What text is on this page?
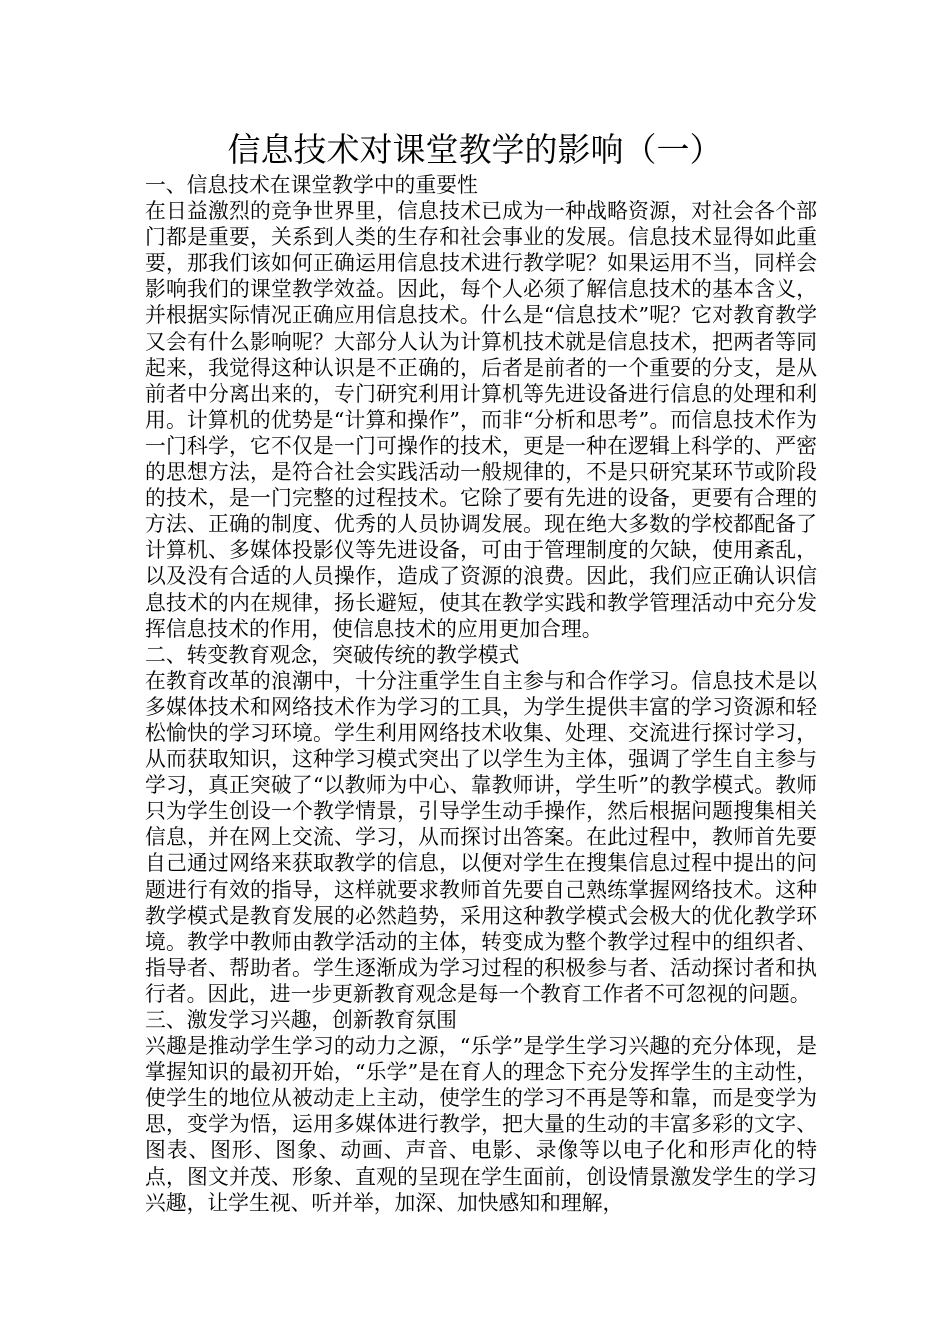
信息技术对课堂教学的影响（一）
一、信息技术在课堂教学中的重要性
在日益激烈的竞争世界里，信息技术已成为一种战略资源，对社会各个部门都是重要，关系到人类的生存和社会事业的发展。信息技术显得如此重要，那我们该如何正确运用信息技术进行教学呢？如果运用不当，同样会影响我们的课堂教学效益。因此，每个人必须了解信息技术的基本含义，并根据实际情况正确应用信息技术。什么是“信息技术”呢？它对教育教学又会有什么影响呢？大部分人认为计算机技术就是信息技术，把两者等同起来，我觉得这种认识是不正确的，后者是前者的一个重要的分支，是从前者中分离出来的，专门研究利用计算机等先进设备进行信息的处理和利用。计算机的优势是“计算和操作”，而非“分析和思考”。而信息技术作为一门科学，它不仅是一门可操作的技术，更是一种在逻辑上科学的、严密的思想方法，是符合社会实践活动一般规律的，不是只研究某环节或阶段的技术，是一门完整的过程技术。它除了要有先进的设备，更要有合理的方法、正确的制度、优秀的人员协调发展。现在绝大多数的学校都配备了计算机、多媒体投影仪等先进设备，可由于管理制度的欠缺，使用紊乱，以及没有合适的人员操作，造成了资源的浪费。因此，我们应正确认识信息技术的内在规律，扬长避短，使其在教学实践和教学管理活动中充分发挥信息技术的作用，使信息技术的应用更加合理。
二、转变教育观念，突破传统的教学模式
在教育改革的浪潮中，十分注重学生自主参与和合作学习。信息技术是以多媒体技术和网络技术作为学习的工具，为学生提供丰富的学习资源和轻松愉快的学习环境。学生利用网络技术收集、处理、交流进行探讨学习，从而获取知识，这种学习模式突出了以学生为主体，强调了学生自主参与学习，真正突破了“以教师为中心、靠教师讲，学生听”的教学模式。教师只为学生创设一个教学情景，引导学生动手操作，然后根据问题搜集相关信息，并在网上交流、学习，从而探讨出答案。在此过程中，教师首先要自己通过网络来获取教学的信息，以便对学生在搜集信息过程中提出的问题进行有效的指导，这样就要求教师首先要自己熟练掌握网络技术。这种教学模式是教育发展的必然趋势，采用这种教学模式会极大的优化教学环境。教学中教师由教学活动的主体，转变成为整个教学过程中的组织者、指导者、帮助者。学生逐渐成为学习过程的积极参与者、活动探讨者和执行者。因此，进一步更新教育观念是每一个教育工作者不可忽视的问题。
三、激发学习兴趣，创新教育氛围
兴趣是推动学生学习的动力之源，“乐学”是学生学习兴趣的充分体现，是掌握知识的最初开始，“乐学”是在育人的理念下充分发挥学生的主动性，使学生的地位从被动走上主动，使学生的学习不再是等和靠，而是变学为思，变学为悟，运用多媒体进行教学，把大量的生动的丰富多彩的文字、图表、图形、图象、动画、声音、电影、录像等以电子化和形声化的特点，图文并茂、形象、直观的呈现在学生面前，创设情景激发学生的学习兴趣，让学生视、听并举，加深、加快感知和理解，
